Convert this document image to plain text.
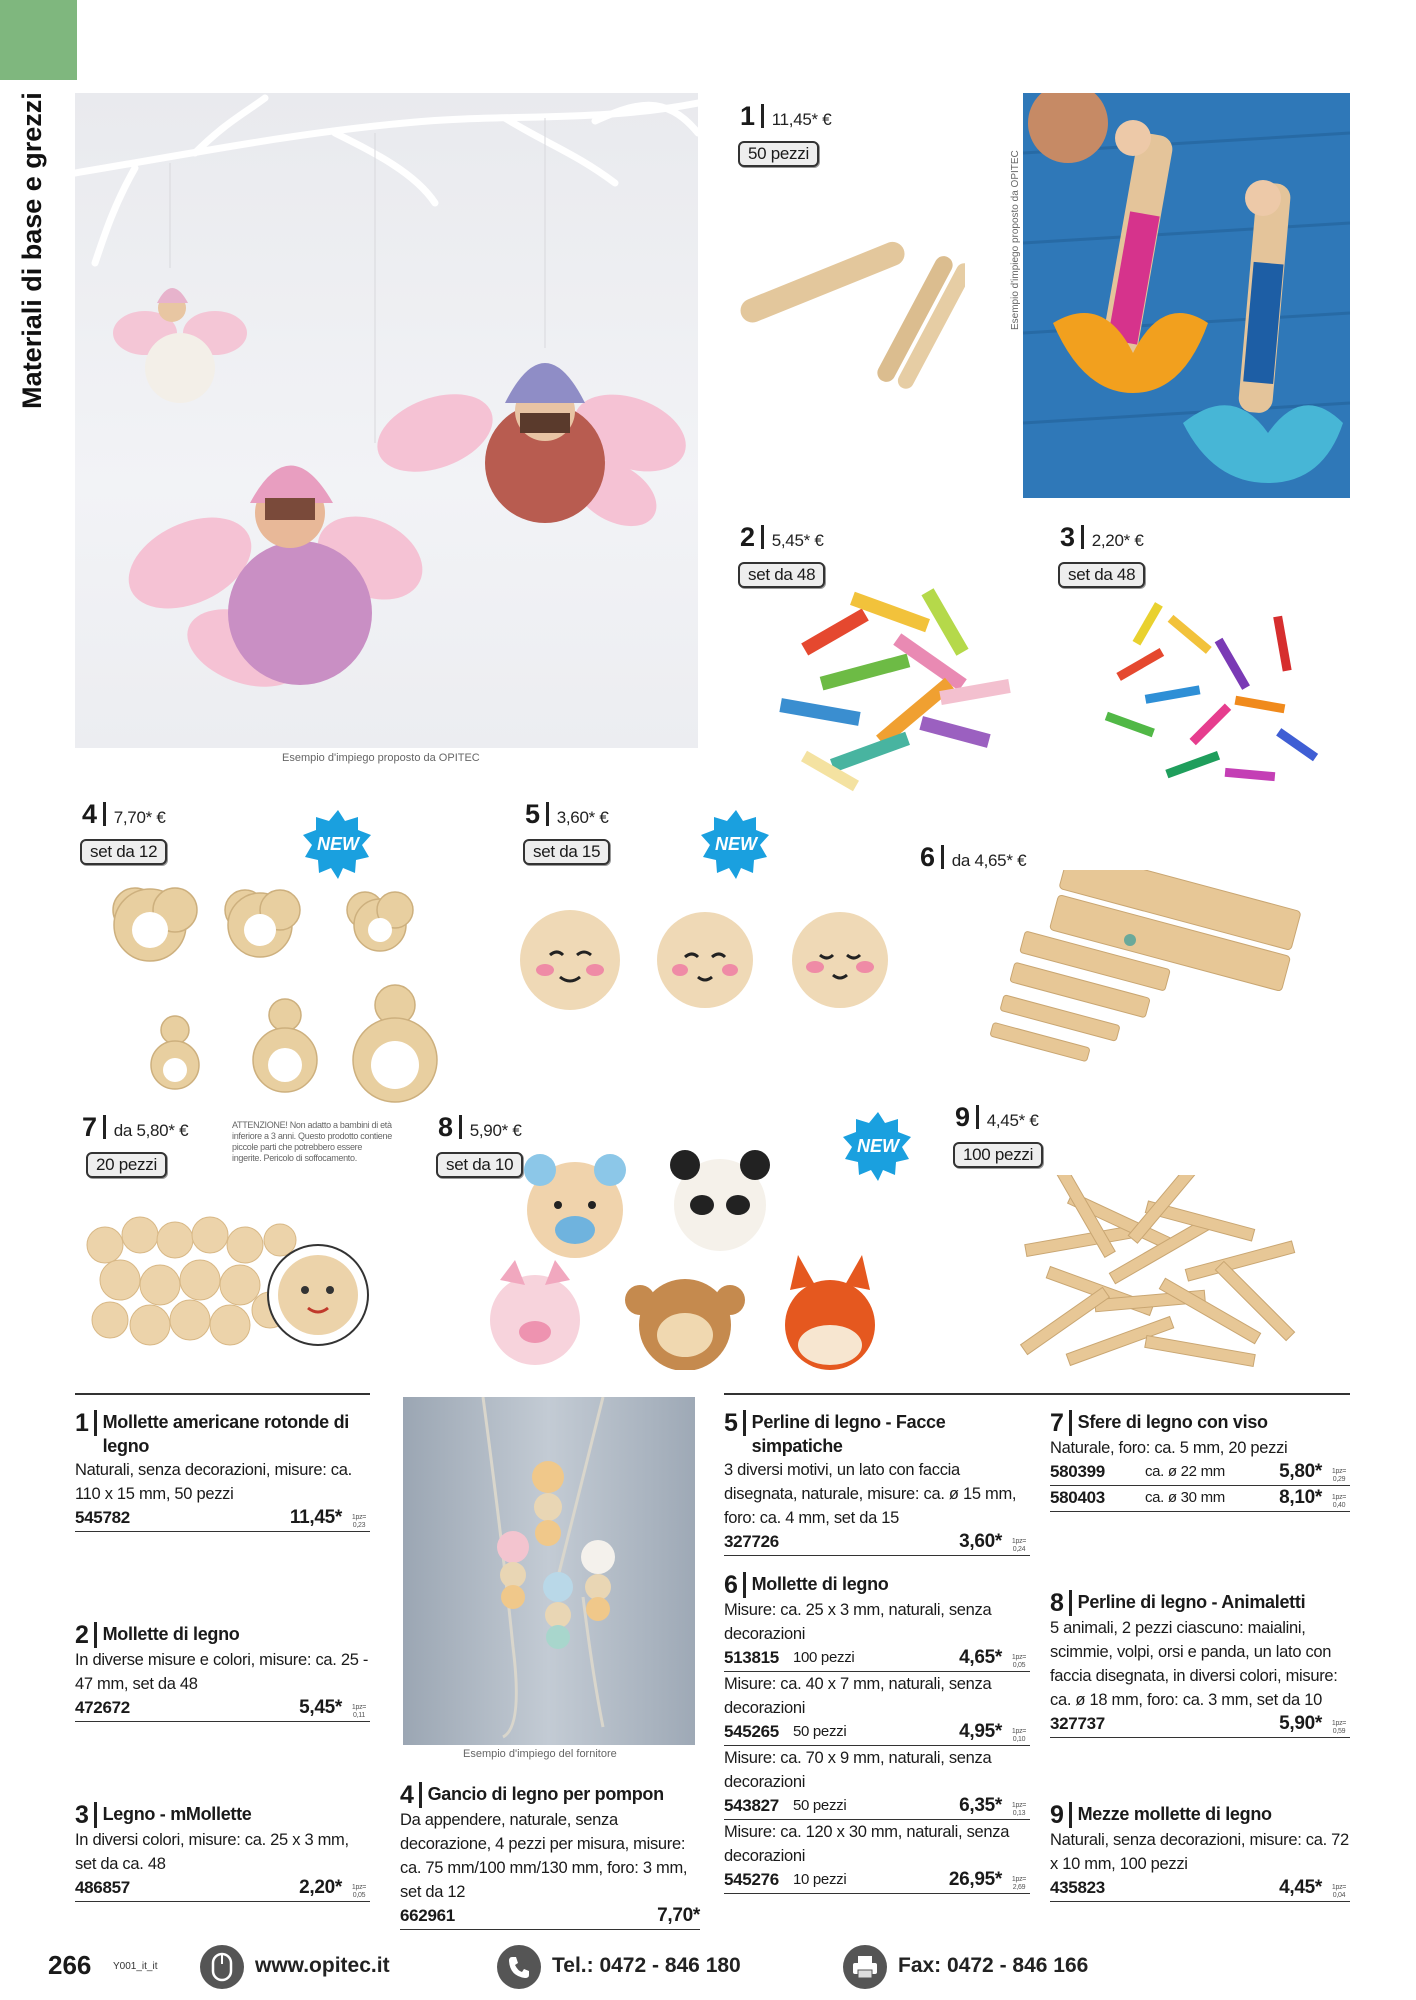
Materiali di base e grezzi
Esempio d'impiego proposto da OPITEC
Esempio d'impiego proposto da OPITEC
1	11,45* €
50 pezzi
2	5,45* €
set da 48
3	2,20* €
set da 48
4	7,70* €
set da 12	NEW
5	3,60* €
set da 15	NEW	6	da 4,65* €
7	da 5,80* €
20 pezzi
ATTENZIONE! Non adatto a bambini di età inferiore a 3 anni. Questo prodotto contiene piccole parti che potrebbero essere ingerite. Pericolo di soffocamento.
8	5,90* €
set da 10
NEW
9	4,45* €
100 pezzi
Esempio d'impiego del fornitore
1 Mollette americane rotonde di legno
Naturali, senza decorazioni, misure: ca. 110 x 15 mm, 50 pezzi
545782	11,45*	1pz=
0,23
2 Mollette di legno
In diverse misure e colori, misure: ca. 25 - 47 mm, set da 48
472672	5,45*	1pz=
0,11
3 Legno - mMollette
In diversi colori, misure: ca. 25 x 3 mm, set da ca. 48
486857	2,20*	1pz=
0,05
4 Gancio di legno per pompon
Da appendere, naturale, senza decorazione, 4 pezzi per misura, misure: ca. 75 mm/100 mm/130 mm, foro: 3 mm, set da 12
662961	7,70*
5 Perline di legno - Facce simpatiche
3 diversi motivi, un lato con faccia disegnata, naturale, misure: ca. ø 15 mm, foro: ca. 4 mm, set da 15
327726	3,60*	1pz=
0,24
6 Mollette di legno
Misure: ca. 25 x 3 mm, naturali, senza decorazioni
513815 100 pezzi	4,65*	1pz=
0,05
Misure: ca. 40 x 7 mm, naturali, senza decorazioni
545265 50 pezzi	4,95*	1pz=
0,10
Misure: ca. 70 x 9 mm, naturali, senza decorazioni
543827 50 pezzi	6,35*	1pz=
0,13
Misure: ca. 120 x 30 mm, naturali, senza decorazioni
545276 10 pezzi	26,95*	1pz=
2,69
7 Sfere di legno con viso
Naturale, foro: ca. 5 mm, 20 pezzi
580399	ca. ø 22 mm	5,80*	1pz=
0,29
580403	ca. ø 30 mm	8,10*	1pz=
0,40
8 Perline di legno - Animaletti
5 animali, 2 pezzi ciascuno: maialini, scimmie, volpi, orsi e panda, un lato con faccia disegnata, in diversi colori, misure: ca. ø 18 mm, foro: ca. 3 mm, set da 10
327737	5,90*	1pz=
0,59
9 Mezze mollette di legno
Naturali, senza decorazioni, misure: ca. 72 x 10 mm, 100 pezzi
435823	4,45*	1pz=
0,04
266 Y001_it_it	www.opitec.it	Tel.: 0472 - 846 180	Fax: 0472 - 846 166
